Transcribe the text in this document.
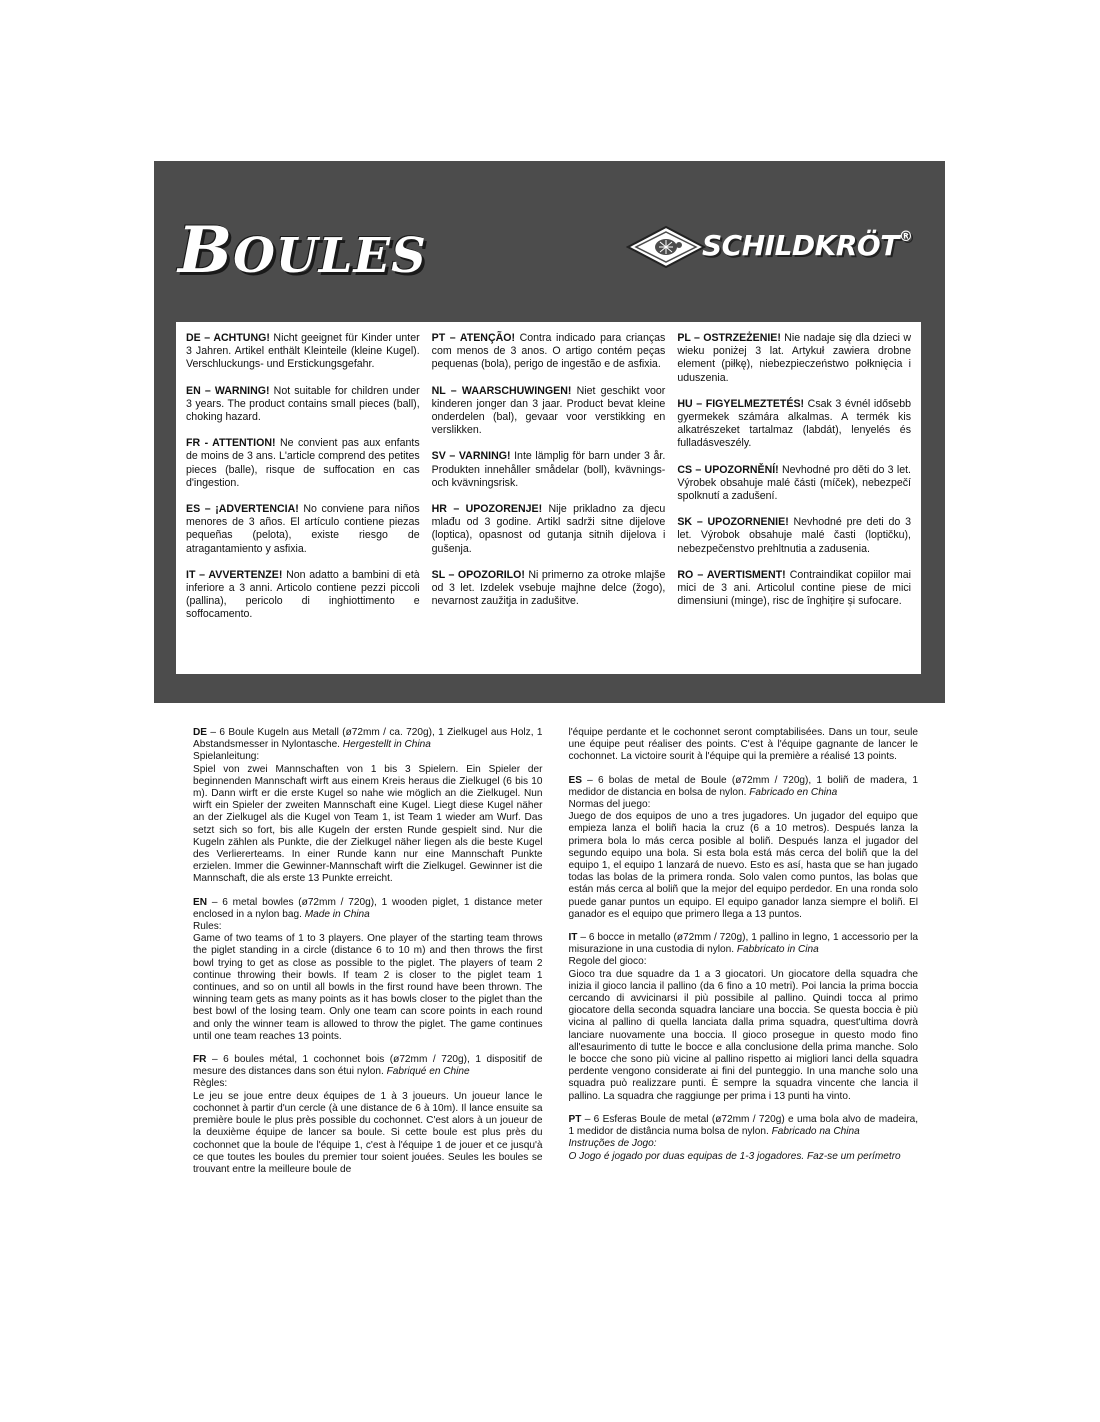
BOULES	SCHILDKRÖT®
DE – ACHTUNG! Nicht geeignet für Kinder unter 3 Jahren. Artikel enthält Kleinteile (kleine Kugel). Verschluckungs- und Erstickungsgefahr.
EN – WARNING! Not suitable for children under 3 years. The product contains small pieces (ball), choking hazard.
FR - ATTENTION! Ne convient pas aux enfants de moins de 3 ans. L'article comprend des petites pieces (balle), risque de suffocation en cas d'ingestion.
ES – ¡ADVERTENCIA! No conviene para niños menores de 3 años. El artículo contiene piezas pequeñas (pelota), existe riesgo de atragantamiento y asfixia.
IT – AVVERTENZE! Non adatto a bambini di età inferiore a 3 anni. Articolo contiene pezzi piccoli (pallina), pericolo di inghiottimento e soffocamento.
PT – ATENÇÃO! Contra indicado para crianças com menos de 3 anos. O artigo contém peças pequenas (bola), perigo de ingestão e de asfixia.
NL – WAARSCHUWINGEN! Niet geschikt voor kinderen jonger dan 3 jaar. Product bevat kleine onderdelen (bal), gevaar voor verstikking en verslikken.
SV – VARNING! Inte lämplig för barn under 3 år. Produkten innehåller smådelar (boll), kvävnings- och kvävningsrisk.
HR – UPOZORENJE! Nije prikladno za djecu mlađu od 3 godine. Artikl sadrži sitne dijelove (loptica), opasnost od gutanja sitnih dijelova i gušenja.
SL – OPOZORILO! Ni primerno za otroke mlajše od 3 let. Izdelek vsebuje majhne delce (žogo), nevarnost zaužitja in zadušitve.
PL – OSTRZEŻENIE! Nie nadaje się dla dzieci w wieku poniżej 3 lat. Artykuł zawiera drobne element (piłkę), niebezpieczeństwo połknięcia i uduszenia.
HU – FIGYELMEZTETÉS! Csak 3 évnél idősebb gyermekek számára alkalmas. A termék kis alkatrészeket tartalmaz (labdát), lenyelés és fulladásveszély.
CS – UPOZORNĚNÍ! Nevhodné pro děti do 3 let. Výrobek obsahuje malé části (míček), nebezpečí spolknutí a zadušení.
SK – UPOZORNENIE! Nevhodné pre deti do 3 let. Výrobok obsahuje malé časti (loptičku), nebezpečenstvo prehltnutia a zadusenia.
RO – AVERTISMENT! Contraindikat copiilor mai mici de 3 ani. Articolul contine piese de mici dimensiuni (minge), risc de înghițire și sufocare.
DE – 6 Boule Kugeln aus Metall (ø72mm / ca. 720g), 1 Zielkugel aus Holz, 1 Abstandsmesser in Nylontasche. Hergestellt in China
Spielanleitung:
Spiel von zwei Mannschaften von 1 bis 3 Spielern. Ein Spieler der beginnenden Mannschaft wirft aus einem Kreis heraus die Zielkugel (6 bis 10 m). Dann wirft er die erste Kugel so nahe wie möglich an die Zielkugel. Nun wirft ein Spieler der zweiten Mannschaft eine Kugel. Liegt diese Kugel näher an der Zielkugel als die Kugel von Team 1, ist Team 1 wieder am Wurf. Das setzt sich so fort, bis alle Kugeln der ersten Runde gespielt sind. Nur die Kugeln zählen als Punkte, die der Zielkugel näher liegen als die beste Kugel des Verliererteams. In einer Runde kann nur eine Mannschaft Punkte erzielen. Immer die Gewinner-Mannschaft wirft die Zielkugel. Gewinner ist die Mannschaft, die als erste 13 Punkte erreicht.
EN – 6 metal bowles (ø72mm / 720g), 1 wooden piglet, 1 distance meter enclosed in a nylon bag. Made in China
Rules:
Game of two teams of 1 to 3 players. One player of the starting team throws the piglet standing in a circle (distance 6 to 10 m) and then throws the first bowl trying to get as close as possible to the piglet. The players of team 2 continue throwing their bowls. If team 2 is closer to the piglet team 1 continues, and so on until all bowls in the first round have been thrown. The winning team gets as many points as it has bowls closer to the piglet than the best bowl of the losing team. Only one team can score points in each round and only the winner team is allowed to throw the piglet. The game continues until one team reaches 13 points.
FR – 6 boules métal, 1 cochonnet bois (ø72mm / 720g), 1 dispositif de mesure des distances dans son étui nylon. Fabriqué en Chine
Règles:
Le jeu se joue entre deux équipes de 1 à 3 joueurs. Un joueur lance le cochonnet à partir d'un cercle (à une distance de 6 à 10m). Il lance ensuite sa première boule le plus près possible du cochonnet. C'est alors à un joueur de la deuxième équipe de lancer sa boule. Si cette boule est plus près du cochonnet que la boule de l'équipe 1, c'est à l'équipe 1 de jouer et ce jusqu'à ce que toutes les boules du premier tour soient jouées. Seules les boules se trouvant entre la meilleure boule de
l'équipe perdante et le cochonnet seront comptabilisées. Dans un tour, seule une équipe peut réaliser des points. C'est à l'équipe gagnante de lancer le cochonnet. La victoire sourit à l'équipe qui la première a réalisé 13 points.
ES – 6 bolas de metal de Boule (ø72mm / 720g), 1 boliñ de madera, 1 medidor de distancia en bolsa de nylon. Fabricado en China
Normas del juego:
Juego de dos equipos de uno a tres jugadores. Un jugador del equipo que empieza lanza el boliñ hacia la cruz (6 a 10 metros). Después lanza la primera bola lo más cerca posible al boliñ. Después lanza el jugador del segundo equipo una bola. Si esta bola está más cerca del boliñ que la del equipo 1, el equipo 1 lanzará de nuevo. Esto es así, hasta que se han jugado todas las bolas de la primera ronda. Solo valen como puntos, las bolas que están más cerca al boliñ que la mejor del equipo perdedor. En una ronda solo puede ganar puntos un equipo. El equipo ganador lanza siempre el boliñ. El ganador es el equipo que primero llega a 13 puntos.
IT – 6 bocce in metallo (ø72mm / 720g), 1 pallino in legno, 1 accessorio per la misurazione in una custodia di nylon. Fabbricato in Cina
Regole del gioco:
Gioco tra due squadre da 1 a 3 giocatori. Un giocatore della squadra che inizia il gioco lancia il pallino (da 6 fino a 10 metri). Poi lancia la prima boccia cercando di avvicinarsi il più possibile al pallino. Quindi tocca al primo giocatore della seconda squadra lanciare una boccia. Se questa boccia è più vicina al pallino di quella lanciata dalla prima squadra, quest'ultima dovrà lanciare nuovamente una boccia. Il gioco prosegue in questo modo fino all'esaurimento di tutte le bocce e alla conclusione della prima manche. Solo le bocce che sono più vicine al pallino rispetto ai migliori lanci della squadra perdente vengono considerate ai fini del punteggio. In una manche solo una squadra può realizzare punti. È sempre la squadra vincente che lancia il pallino. La squadra che raggiunge per prima i 13 punti ha vinto.
PT – 6 Esferas Boule de metal (ø72mm / 720g) e uma bola alvo de madeira, 1 medidor de distância numa bolsa de nylon. Fabricado na China
Instruções de Jogo:
O Jogo é jogado por duas equipas de 1-3 jogadores. Faz-se um perímetro
